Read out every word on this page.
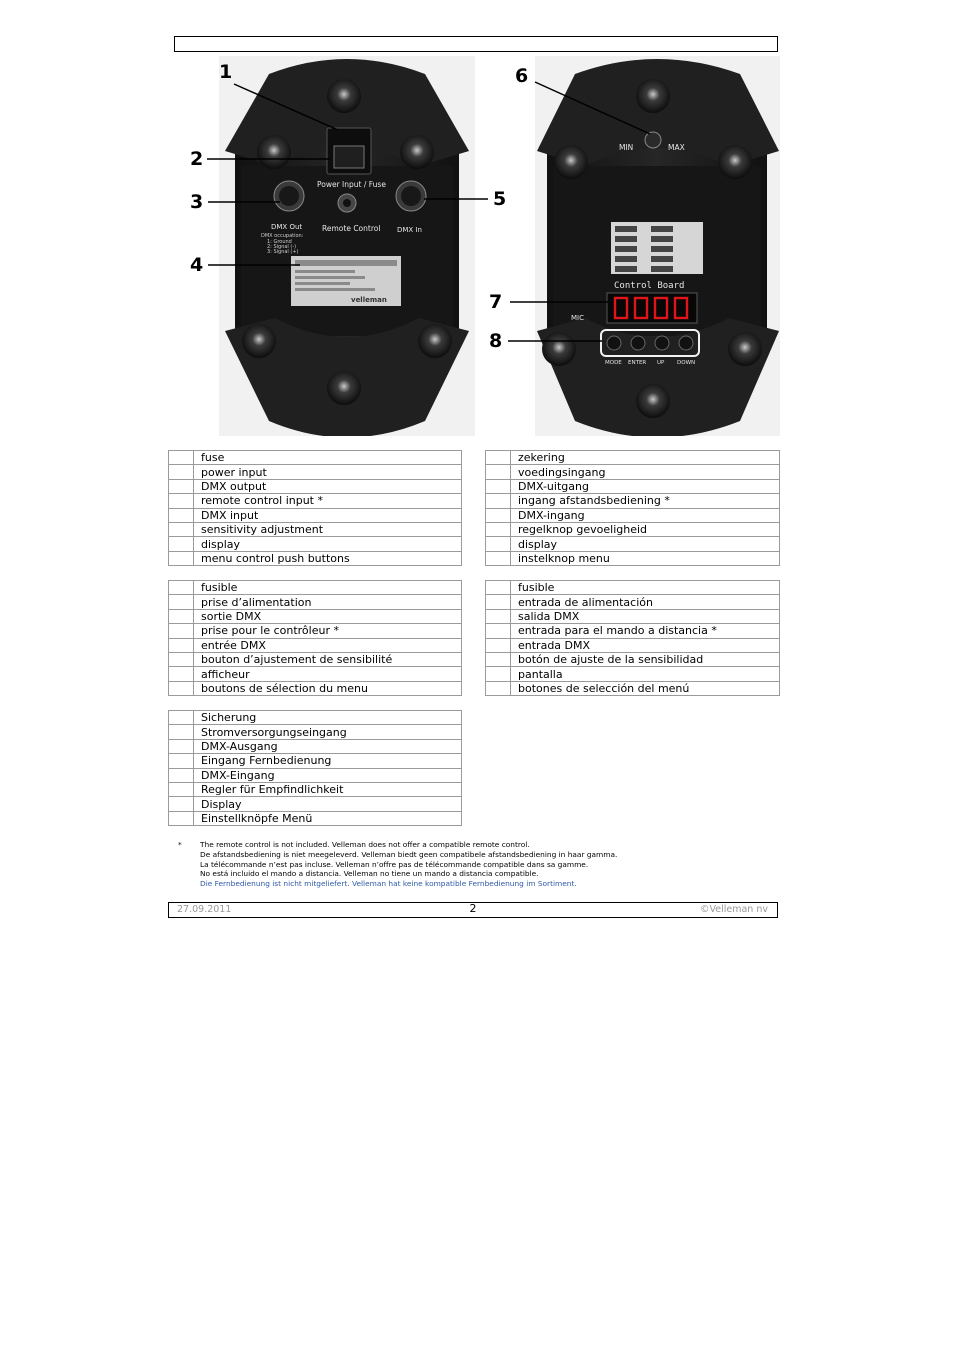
Power Input / Fuse
DMX Out
DMX occupation:
1: Ground
2: Signal (-)
3: Signal (+)
Remote Control DMX In
velleman
MIN	MAX
Control Board
MIC
MODE ENTER UP DOWN
1
2
3
4
5
6
7
8
	fuse
	power input
	DMX output
	remote control input *
	DMX input
	sensitivity adjustment
	display
	menu control push buttons
	zekering
	voedingsingang
	DMX-uitgang
	ingang afstandsbediening *
	DMX-ingang
	regelknop gevoeligheid
	display
	instelknop menu
	fusible
	prise d’alimentation
	sortie DMX
	prise pour le contrôleur *
	entrée DMX
	bouton d’ajustement de sensibilité
	afficheur
	boutons de sélection du menu
	fusible
	entrada de alimentación
	salida DMX
	entrada para el mando a distancia *
	entrada DMX
	botón de ajuste de la sensibilidad
	pantalla
	botones de selección del menú
	Sicherung
	Stromversorgungseingang
	DMX-Ausgang
	Eingang Fernbedienung
	DMX-Eingang
	Regler für Empfindlichkeit
	Display
	Einstellknöpfe Menü
* The remote control is not included. Velleman does not offer a compatible remote control.
De afstandsbediening is niet meegeleverd. Velleman biedt geen compatibele afstandsbediening in haar gamma.
La télécommande n’est pas incluse. Velleman n’offre pas de télécommande compatible dans sa gamme.
No está incluido el mando a distancia. Velleman no tiene un mando a distancia compatible.
Die Fernbedienung ist nicht mitgeliefert. Velleman hat keine kompatible Fernbedienung im Sortiment.
27.09.2011	2	©Velleman nv
